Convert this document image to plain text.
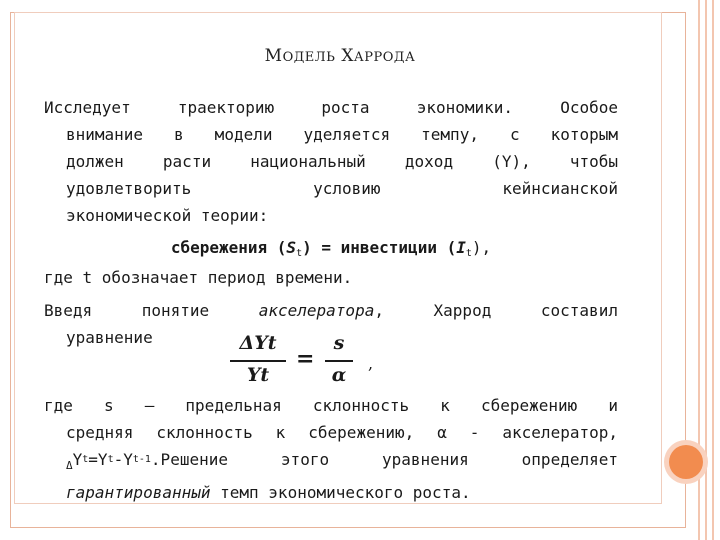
МОДЕЛЬ ХАРРОДА
Исследует траекторию роста экономики. Особое
внимание в модели уделяется темпу, с которым
должен расти национальный доход (Y), чтобы
удовлетворить	условию	кейнсианской
экономической теории:
сбережения $(S_t)$ = инвестиции $(I_t)$,
где t обозначает период времени.
Введя	понятие	акселератора,	Харрод	составил
уравнение	ΔYt
Yt
=
s
α
,
где s – предельная склонность к сбережению и
средняя склонность к сбережению, α - акселератор,
Δ Y t =Y t -Y t-1 .Решение этого уравнения определяет
гарантированный темп экономического роста.
